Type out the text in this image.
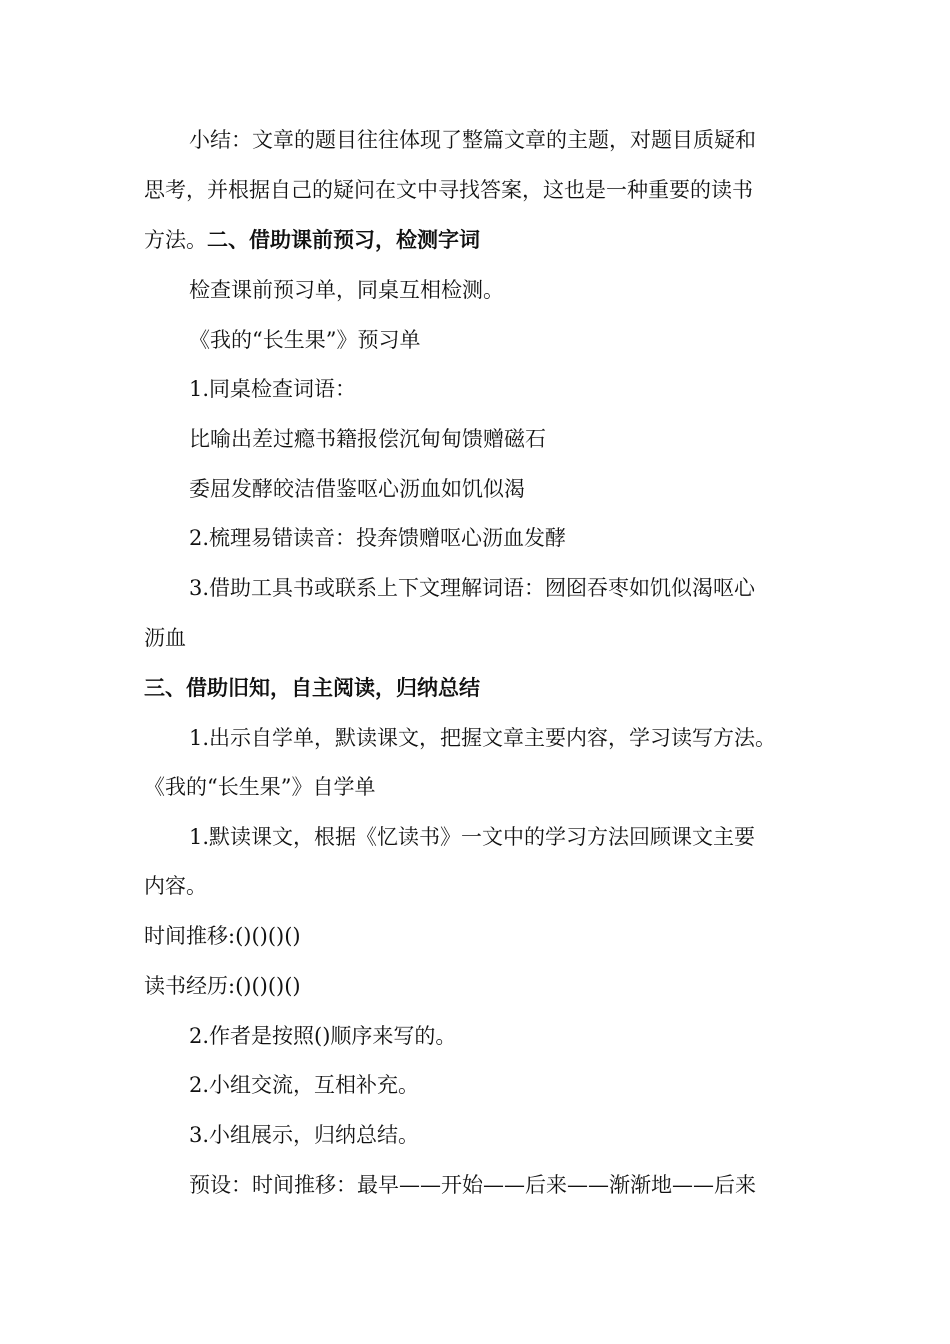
小结：文章的题目往往体现了整篇文章的主题，对题目质疑和
思考，并根据自己的疑问在文中寻找答案，这也是一种重要的读书
方法。二、借助课前预习，检测字词
检查课前预习单，同桌互相检测。
《我的“长生果”》预习单
1.同桌检查词语：
比喻出差过瘾书籍报偿沉甸甸馈赠磁石
委屈发酵皎洁借鉴呕心沥血如饥似渴
2.梳理易错读音：投奔馈赠呕心沥血发酵
3.借助工具书或联系上下文理解词语：囫囵吞枣如饥似渴呕心
沥血
三、借助旧知，自主阅读，归纳总结
1.出示自学单，默读课文，把握文章主要内容，学习读写方法。
《我的“长生果”》自学单
1.默读课文，根据《忆读书》一文中的学习方法回顾课文主要
内容。
时间推移:()()()()
读书经历:()()()()
2.作者是按照()顺序来写的。
2.小组交流，互相补充。
3.小组展示，归纳总结。
预设：时间推移：最早——开始——后来——渐渐地——后来
